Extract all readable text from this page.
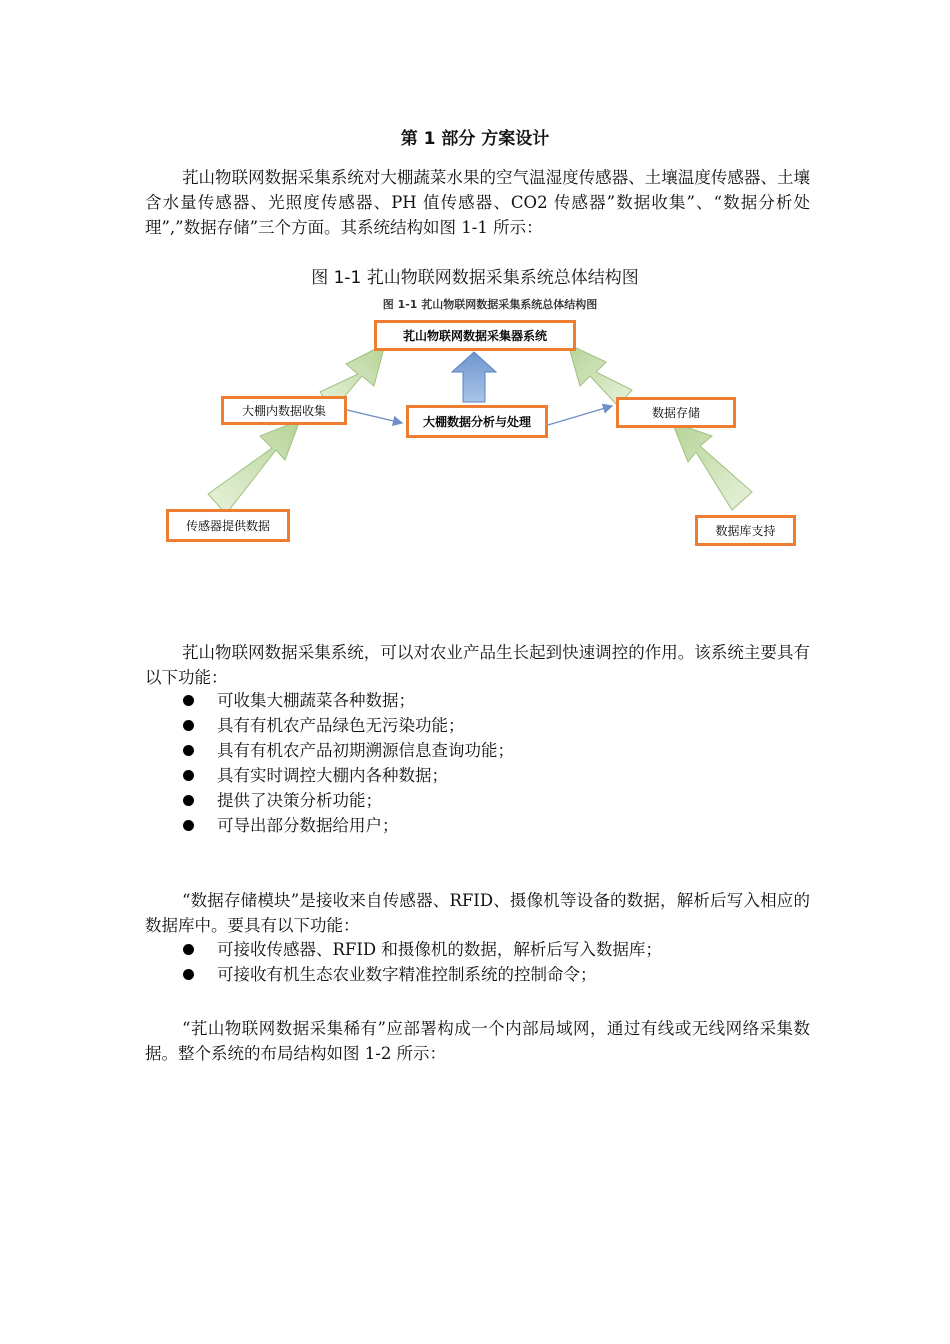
第 1 部分 方案设计

芤山物联网数据采集系统对大棚蔬菜水果的空气温湿度传感器、土壤温度传感器、土壤含水量传感器、光照度传感器、PH 值传感器、CO2 传感器”数据收集”、“数据分析处理”,”数据存储”三个方面。其系统结构如图 1-1 所示：

图 1-1 芤山物联网数据采集系统总体结构图
图 1-1 芤山物联网数据采集系统总体结构图
芤山物联网数据采集器系统
大棚内数据收集
大棚数据分析与处理
数据存储
传感器提供数据	数据库支持

芤山物联网数据采集系统，可以对农业产品生长起到快速调控的作用。该系统主要具有以下功能：

可收集大棚蔬菜各种数据；
具有有机农产品绿色无污染功能；
具有有机农产品初期溯源信息查询功能；
具有实时调控大棚内各种数据；
提供了决策分析功能；
可导出部分数据给用户；

“数据存储模块”是接收来自传感器、RFID、摄像机等设备的数据，解析后写入相应的数据库中。要具有以下功能：

可接收传感器、RFID 和摄像机的数据，解析后写入数据库；
可接收有机生态农业数字精准控制系统的控制命令；

“芤山物联网数据采集稀有”应部署构成一个内部局域网，通过有线或无线网络采集数据。整个系统的布局结构如图 1-2 所示：
